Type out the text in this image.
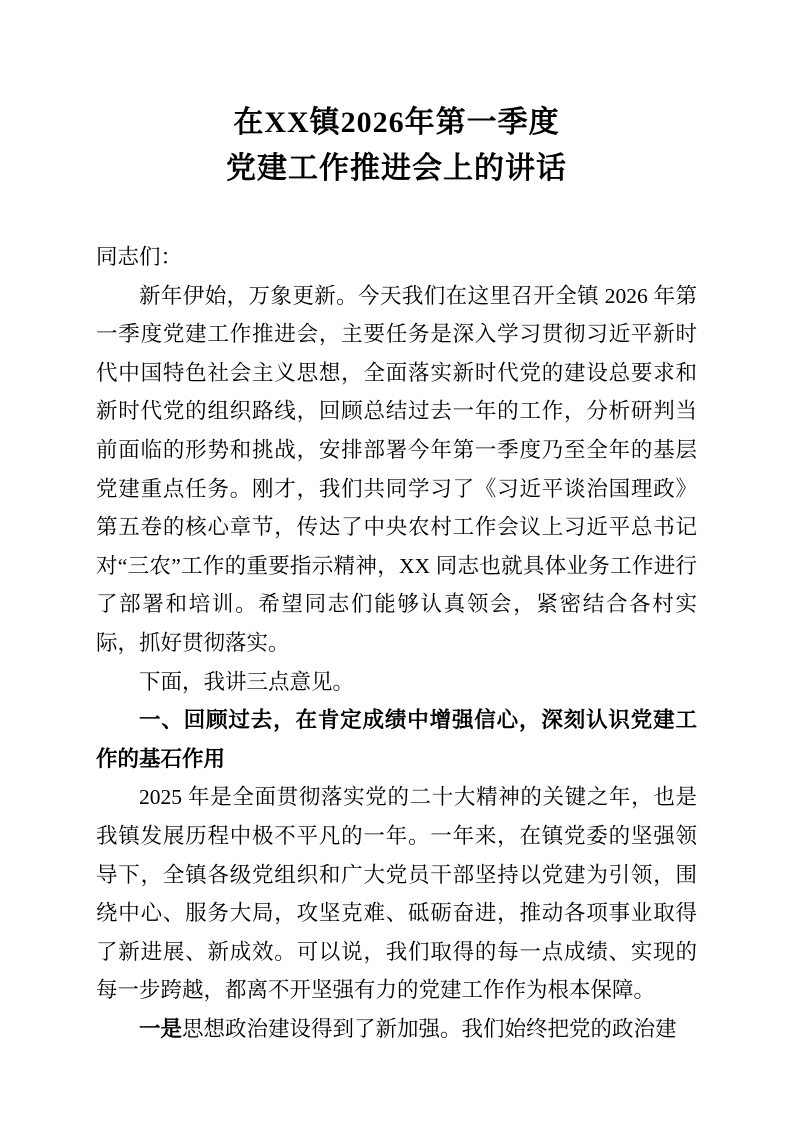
在XX镇2026年第一季度党建工作推进会上的讲话

同志们：

新年伊始，万象更新。今天我们在这里召开全镇 2026 年第一季度党建工作推进会，主要任务是深入学习贯彻习近平新时代中国特色社会主义思想，全面落实新时代党的建设总要求和新时代党的组织路线，回顾总结过去一年的工作，分析研判当前面临的形势和挑战，安排部署今年第一季度乃至全年的基层党建重点任务。刚才，我们共同学习了《习近平谈治国理政》第五卷的核心章节，传达了中央农村工作会议上习近平总书记对“三农”工作的重要指示精神，XX 同志也就具体业务工作进行了部署和培训。希望同志们能够认真领会，紧密结合各村实际，抓好贯彻落实。

下面，我讲三点意见。

一、回顾过去，在肯定成绩中增强信心，深刻认识党建工作的基石作用

2025 年是全面贯彻落实党的二十大精神的关键之年，也是我镇发展历程中极不平凡的一年。一年来，在镇党委的坚强领导下，全镇各级党组织和广大党员干部坚持以党建为引领，围绕中心、服务大局，攻坚克难、砥砺奋进，推动各项事业取得了新进展、新成效。可以说，我们取得的每一点成绩、实现的每一步跨越，都离不开坚强有力的党建工作作为根本保障。

一是思想政治建设得到了新加强。我们始终把党的政治建
